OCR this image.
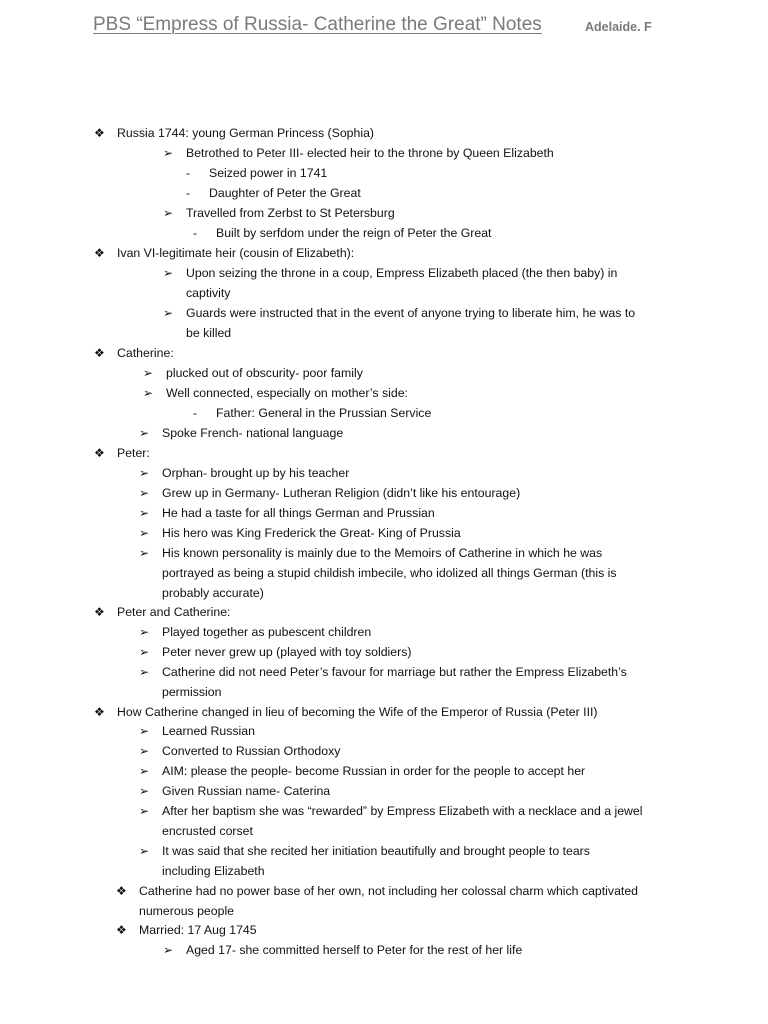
PBS “Empress of Russia- Catherine the Great” Notes	Adelaide. F
❖ Russia 1744: young German Princess (Sophia)
➢ Betrothed to Peter III- elected heir to the throne by Queen Elizabeth
- Seized power in 1741
- Daughter of Peter the Great
➢ Travelled from Zerbst to St Petersburg
- Built by serfdom under the reign of Peter the Great
❖ Ivan VI-legitimate heir (cousin of Elizabeth):
➢ Upon seizing the throne in a coup, Empress Elizabeth placed (the then baby) in
captivity
➢ Guards were instructed that in the event of anyone trying to liberate him, he was to
be killed
❖ Catherine:
➢ plucked out of obscurity- poor family
➢ Well connected, especially on mother’s side:
- Father: General in the Prussian Service
➢ Spoke French- national language
❖ Peter:
➢ Orphan- brought up by his teacher
➢ Grew up in Germany- Lutheran Religion (didn’t like his entourage)
➢ He had a taste for all things German and Prussian
➢ His hero was King Frederick the Great- King of Prussia
➢ His known personality is mainly due to the Memoirs of Catherine in which he was
portrayed as being a stupid childish imbecile, who idolized all things German (this is
probably accurate)
❖ Peter and Catherine:
➢ Played together as pubescent children
➢ Peter never grew up (played with toy soldiers)
➢ Catherine did not need Peter’s favour for marriage but rather the Empress Elizabeth’s
permission
❖ How Catherine changed in lieu of becoming the Wife of the Emperor of Russia (Peter III)
➢ Learned Russian
➢ Converted to Russian Orthodoxy
➢ AIM: please the people- become Russian in order for the people to accept her
➢ Given Russian name- Caterina
➢ After her baptism she was “rewarded” by Empress Elizabeth with a necklace and a jewel
encrusted corset
➢ It was said that she recited her initiation beautifully and brought people to tears
including Elizabeth
❖ Catherine had no power base of her own, not including her colossal charm which captivated
numerous people
❖ Married: 17 Aug 1745
➢ Aged 17- she committed herself to Peter for the rest of her life
